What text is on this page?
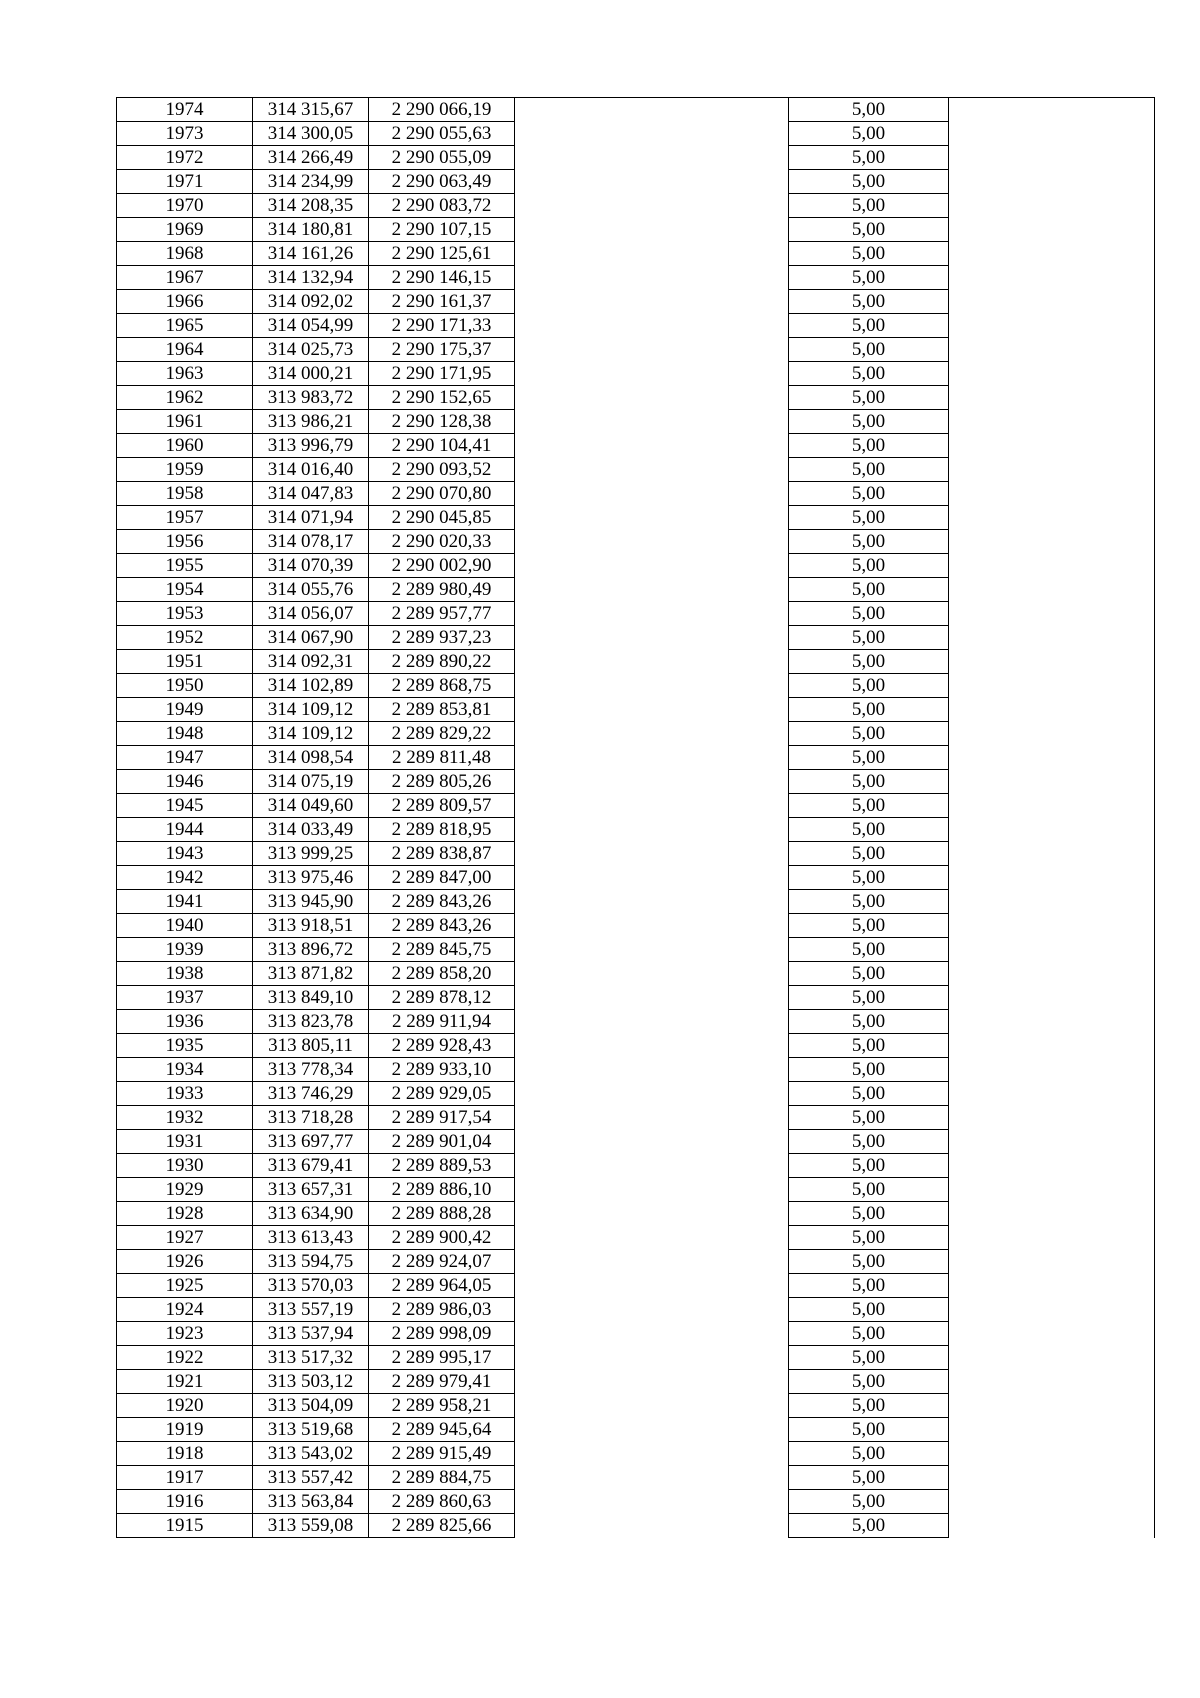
1974	314 315,67	2 290 066,19		5,00	
1973	314 300,05	2 290 055,63		5,00	
1972	314 266,49	2 290 055,09		5,00	
1971	314 234,99	2 290 063,49		5,00	
1970	314 208,35	2 290 083,72		5,00	
1969	314 180,81	2 290 107,15		5,00	
1968	314 161,26	2 290 125,61		5,00	
1967	314 132,94	2 290 146,15		5,00	
1966	314 092,02	2 290 161,37		5,00	
1965	314 054,99	2 290 171,33		5,00	
1964	314 025,73	2 290 175,37		5,00	
1963	314 000,21	2 290 171,95		5,00	
1962	313 983,72	2 290 152,65		5,00	
1961	313 986,21	2 290 128,38		5,00	
1960	313 996,79	2 290 104,41		5,00	
1959	314 016,40	2 290 093,52		5,00	
1958	314 047,83	2 290 070,80		5,00	
1957	314 071,94	2 290 045,85		5,00	
1956	314 078,17	2 290 020,33		5,00	
1955	314 070,39	2 290 002,90		5,00	
1954	314 055,76	2 289 980,49		5,00	
1953	314 056,07	2 289 957,77		5,00	
1952	314 067,90	2 289 937,23		5,00	
1951	314 092,31	2 289 890,22		5,00	
1950	314 102,89	2 289 868,75		5,00	
1949	314 109,12	2 289 853,81		5,00	
1948	314 109,12	2 289 829,22		5,00	
1947	314 098,54	2 289 811,48		5,00	
1946	314 075,19	2 289 805,26		5,00	
1945	314 049,60	2 289 809,57		5,00	
1944	314 033,49	2 289 818,95		5,00	
1943	313 999,25	2 289 838,87		5,00	
1942	313 975,46	2 289 847,00		5,00	
1941	313 945,90	2 289 843,26		5,00	
1940	313 918,51	2 289 843,26		5,00	
1939	313 896,72	2 289 845,75		5,00	
1938	313 871,82	2 289 858,20		5,00	
1937	313 849,10	2 289 878,12		5,00	
1936	313 823,78	2 289 911,94		5,00	
1935	313 805,11	2 289 928,43		5,00	
1934	313 778,34	2 289 933,10		5,00	
1933	313 746,29	2 289 929,05		5,00	
1932	313 718,28	2 289 917,54		5,00	
1931	313 697,77	2 289 901,04		5,00	
1930	313 679,41	2 289 889,53		5,00	
1929	313 657,31	2 289 886,10		5,00	
1928	313 634,90	2 289 888,28		5,00	
1927	313 613,43	2 289 900,42		5,00	
1926	313 594,75	2 289 924,07		5,00	
1925	313 570,03	2 289 964,05		5,00	
1924	313 557,19	2 289 986,03		5,00	
1923	313 537,94	2 289 998,09		5,00	
1922	313 517,32	2 289 995,17		5,00	
1921	313 503,12	2 289 979,41		5,00	
1920	313 504,09	2 289 958,21		5,00	
1919	313 519,68	2 289 945,64		5,00	
1918	313 543,02	2 289 915,49		5,00	
1917	313 557,42	2 289 884,75		5,00	
1916	313 563,84	2 289 860,63		5,00	
1915	313 559,08	2 289 825,66		5,00	
